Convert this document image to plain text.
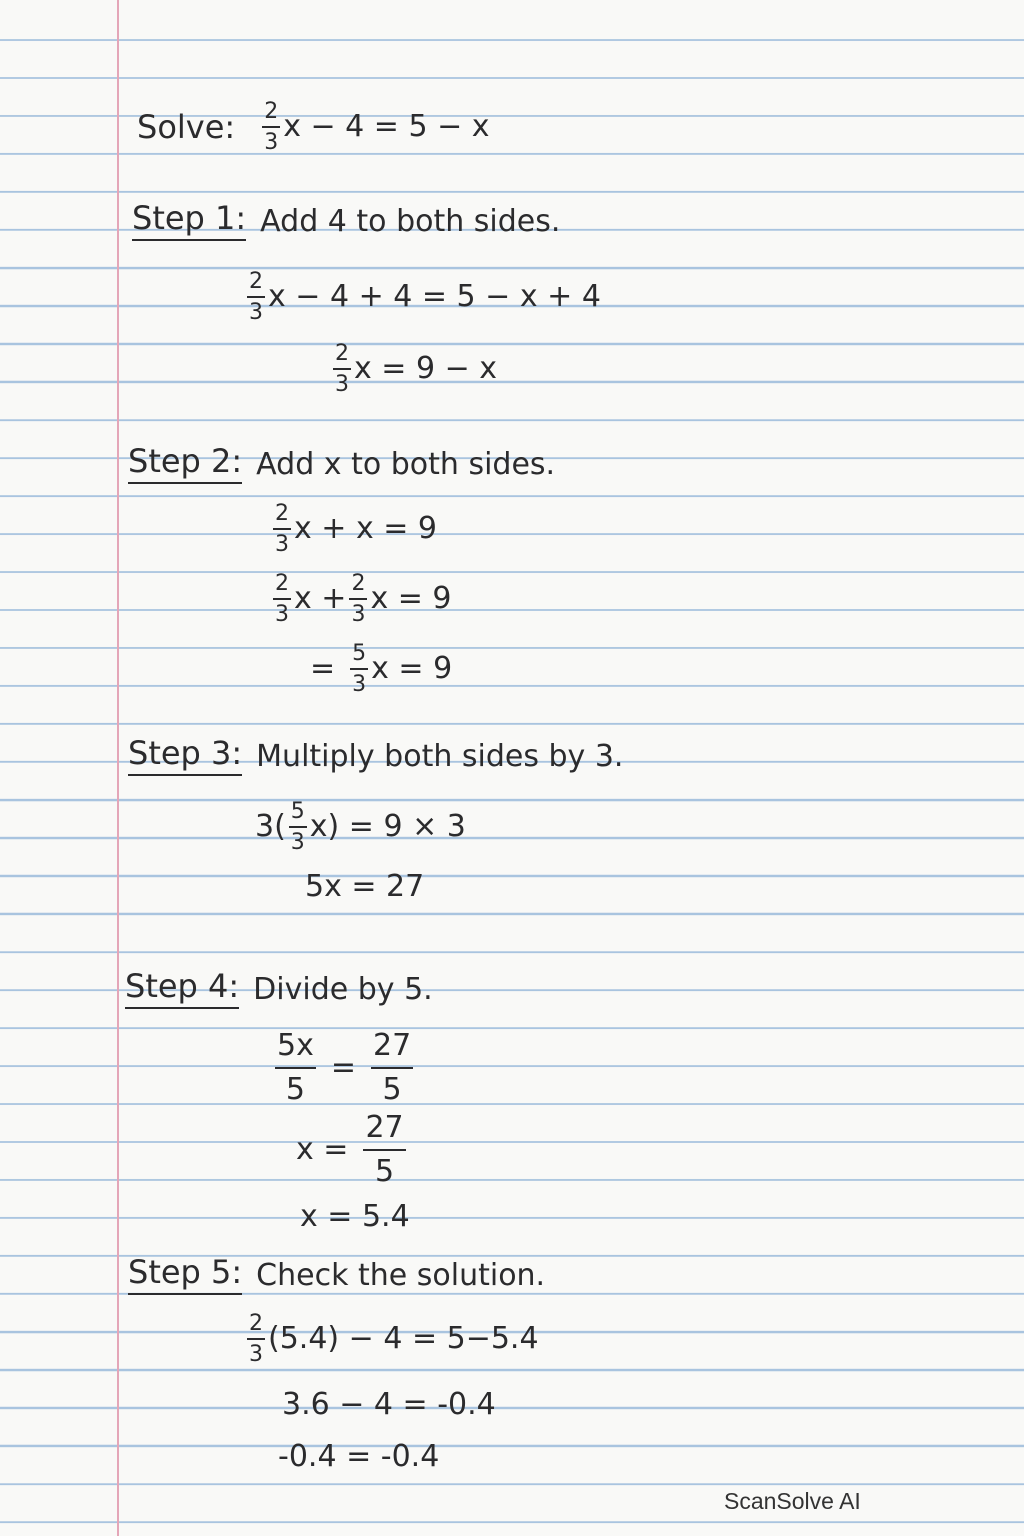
Solve: $\frac{2}{3}$ x − 4 = 5 − x
Step 1: Add 4 to both sides.
$\frac{2}{3}$ x − 4 + 4 = 5 − x + 4
$\frac{2}{3}$ x = 9 − x
Step 2: Add x to both sides.
$\frac{2}{3}$ x + x = 9
$\frac{2}{3}$ $x + \frac{2}{3}$ x = 9
= $\frac{5}{3}$ x = 9
Step 3: Multiply both sides by 3.
$3( \frac{5}{3} x) = 9 \times 3$
5x = 27
Step 4: Divide by 5.
$\frac{5x}{5} = \frac{27}{5}$
$x = \frac{27}{5}$
x = 5.4
Step 5: Check the solution.
$\frac{2}{3} (5.4) - 4 = 5-5.4$
3.6 − 4 = -0.4
-0.4 = -0.4
ScanSolve AI
